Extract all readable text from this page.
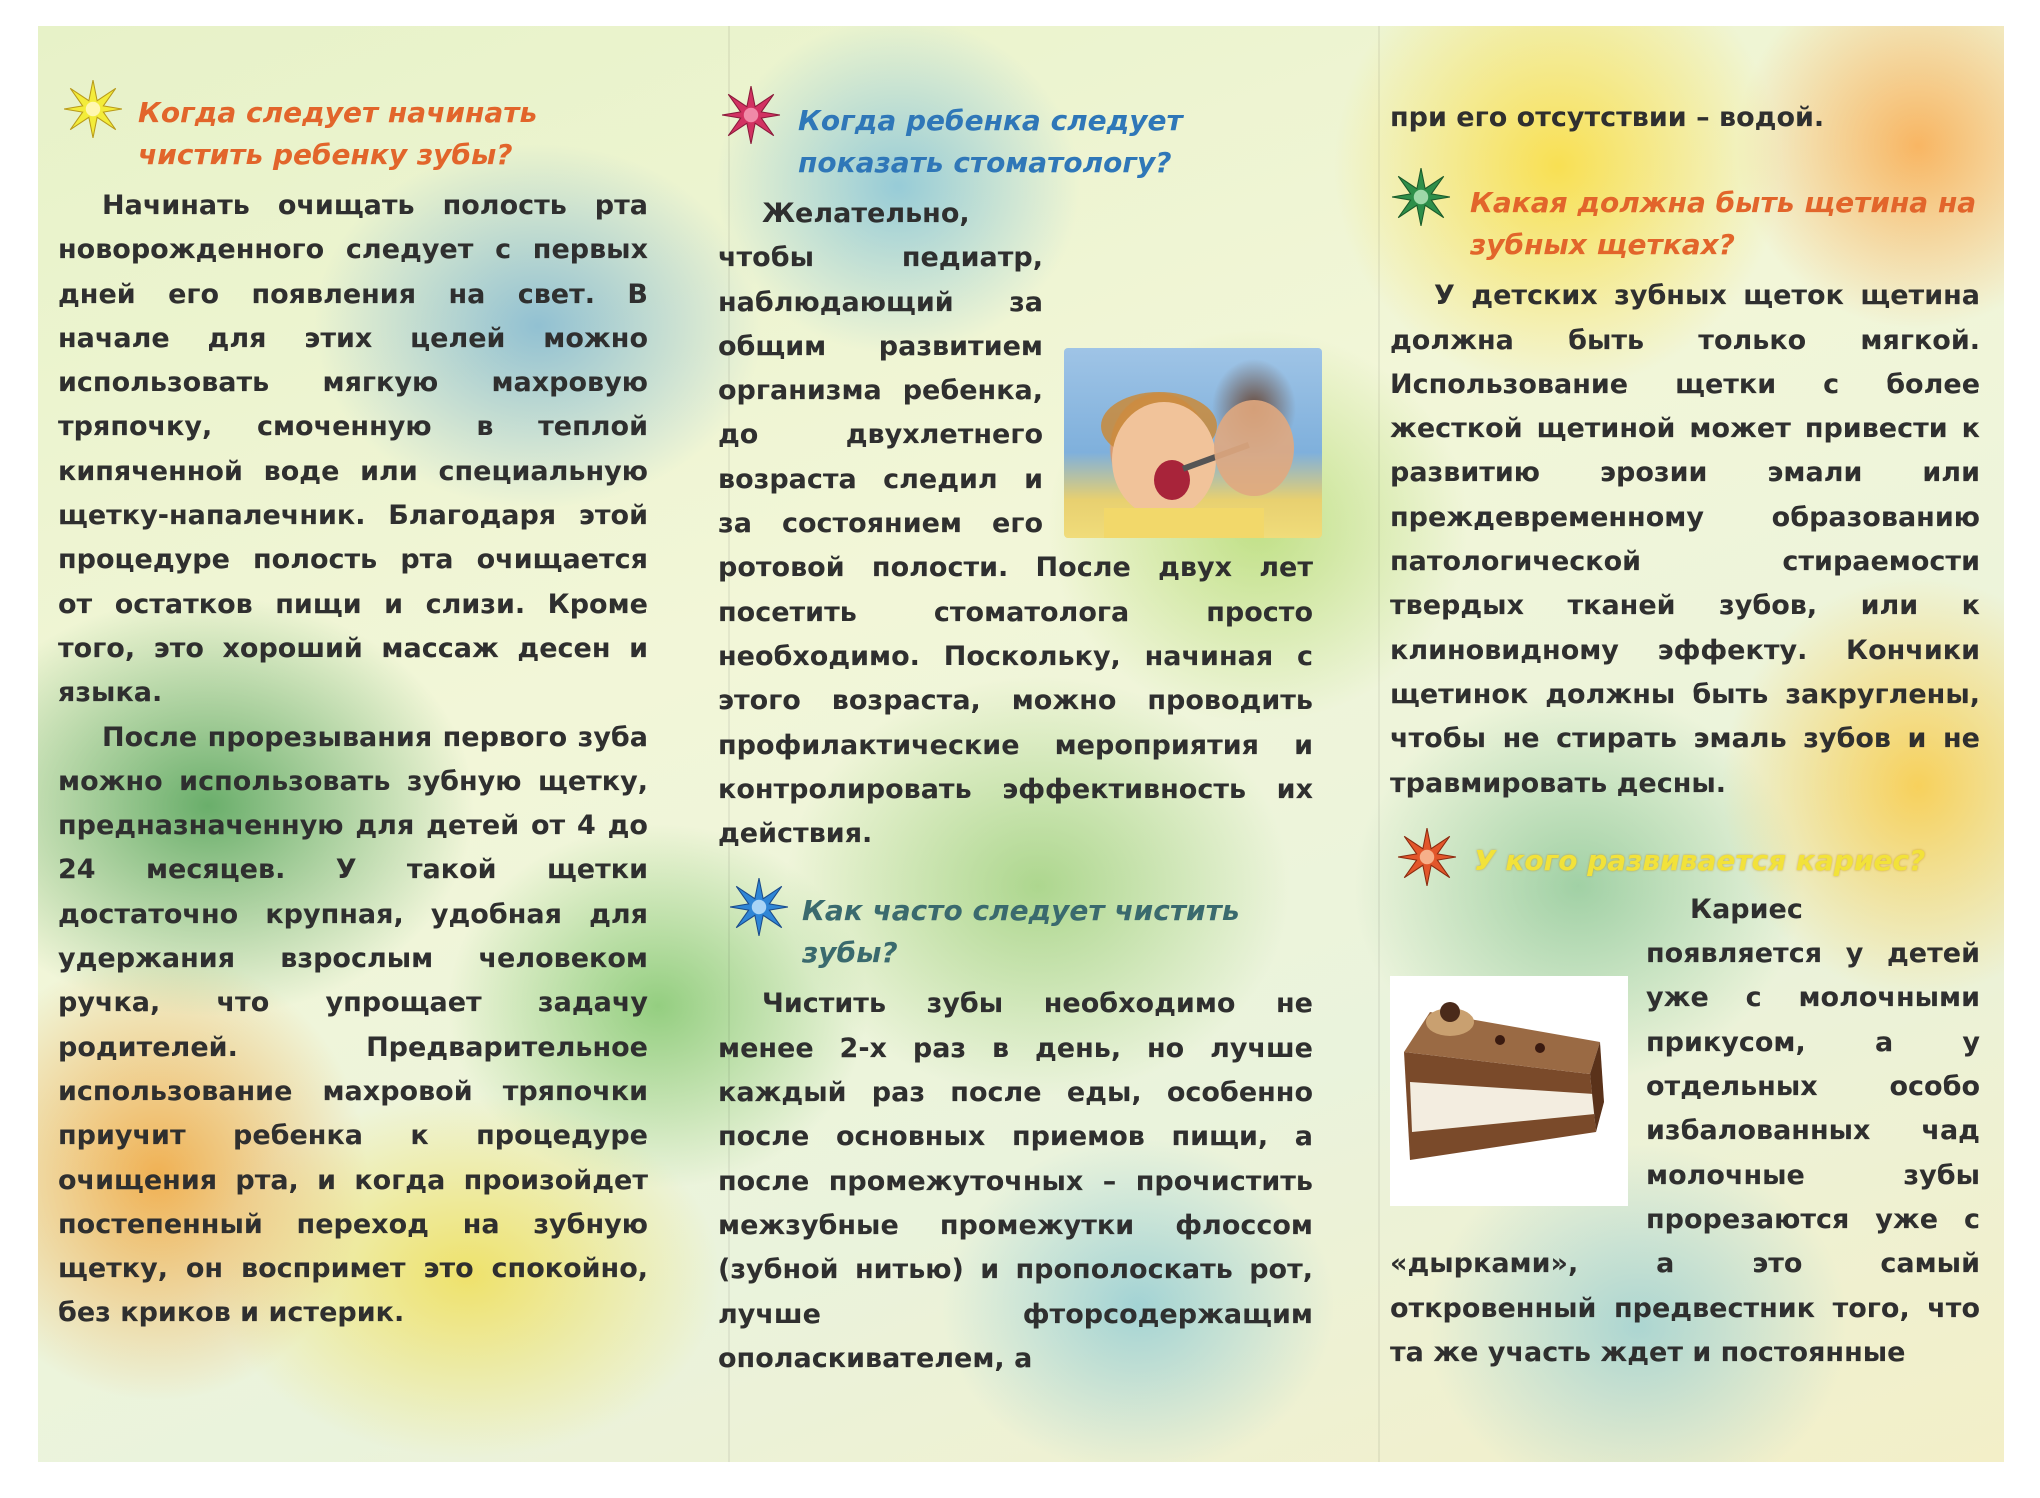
Когда следует начинать чистить ребенку зубы?

Начинать очищать полость рта новорожденного следует с первых дней его появления на свет. В начале для этих целей можно использовать мягкую махровую тряпочку, смоченную в теплой кипяченной воде или специальную щетку-напалечник. Благодаря этой процедуре полость рта очищается от остатков пищи и слизи. Кроме того, это хороший массаж десен и языка.

После прорезывания первого зуба можно использовать зубную щетку, предназначенную для детей от 4 до 24 месяцев. У такой щетки достаточно крупная, удобная для удержания взрослым человеком ручка, что упрощает задачу родителей. Предварительное использование махровой тряпочки приучит ребенка к процедуре очищения рта, и когда произойдет постепенный переход на зубную щетку, он воспримет это спокойно, без криков и истерик.

Когда ребенка следует показать стоматологу?

Желательно, чтобы педиатр, наблюдающий за общим развитием организма ребенка, до двухлетнего возраста следил и за состоянием его ротовой полости. После двух лет посетить стоматолога просто необходимо. Поскольку, начиная с этого возраста, можно проводить профилактические мероприятия и контролировать эффективность их действия.

Как часто следует чистить зубы?

Чистить зубы необходимо не менее 2-х раз в день, но лучше каждый раз после еды, особенно после основных приемов пищи, а после промежуточных – прочистить межзубные промежутки флоссом (зубной нитью) и прополоскать рот, лучше фторсодержащим ополаскивателем, а

при его отсутствии – водой.

Какая должна быть щетина на зубных щетках?

У детских зубных щеток щетина должна быть только мягкой. Использование щетки с более жесткой щетиной может привести к развитию эрозии эмали или преждевременному образованию патологической стираемости твердых тканей зубов, или к клиновидному эффекту. Кончики щетинок должны быть закруглены, чтобы не стирать эмаль зубов и не травмировать десны.

У кого развивается кариес?

Кариес появляется у детей уже с молочными прикусом, а у отдельных особо избалованных чад молочные зубы прорезаются уже с «дырками», а это самый откровенный предвестник того, что та же участь ждет и постоянные
